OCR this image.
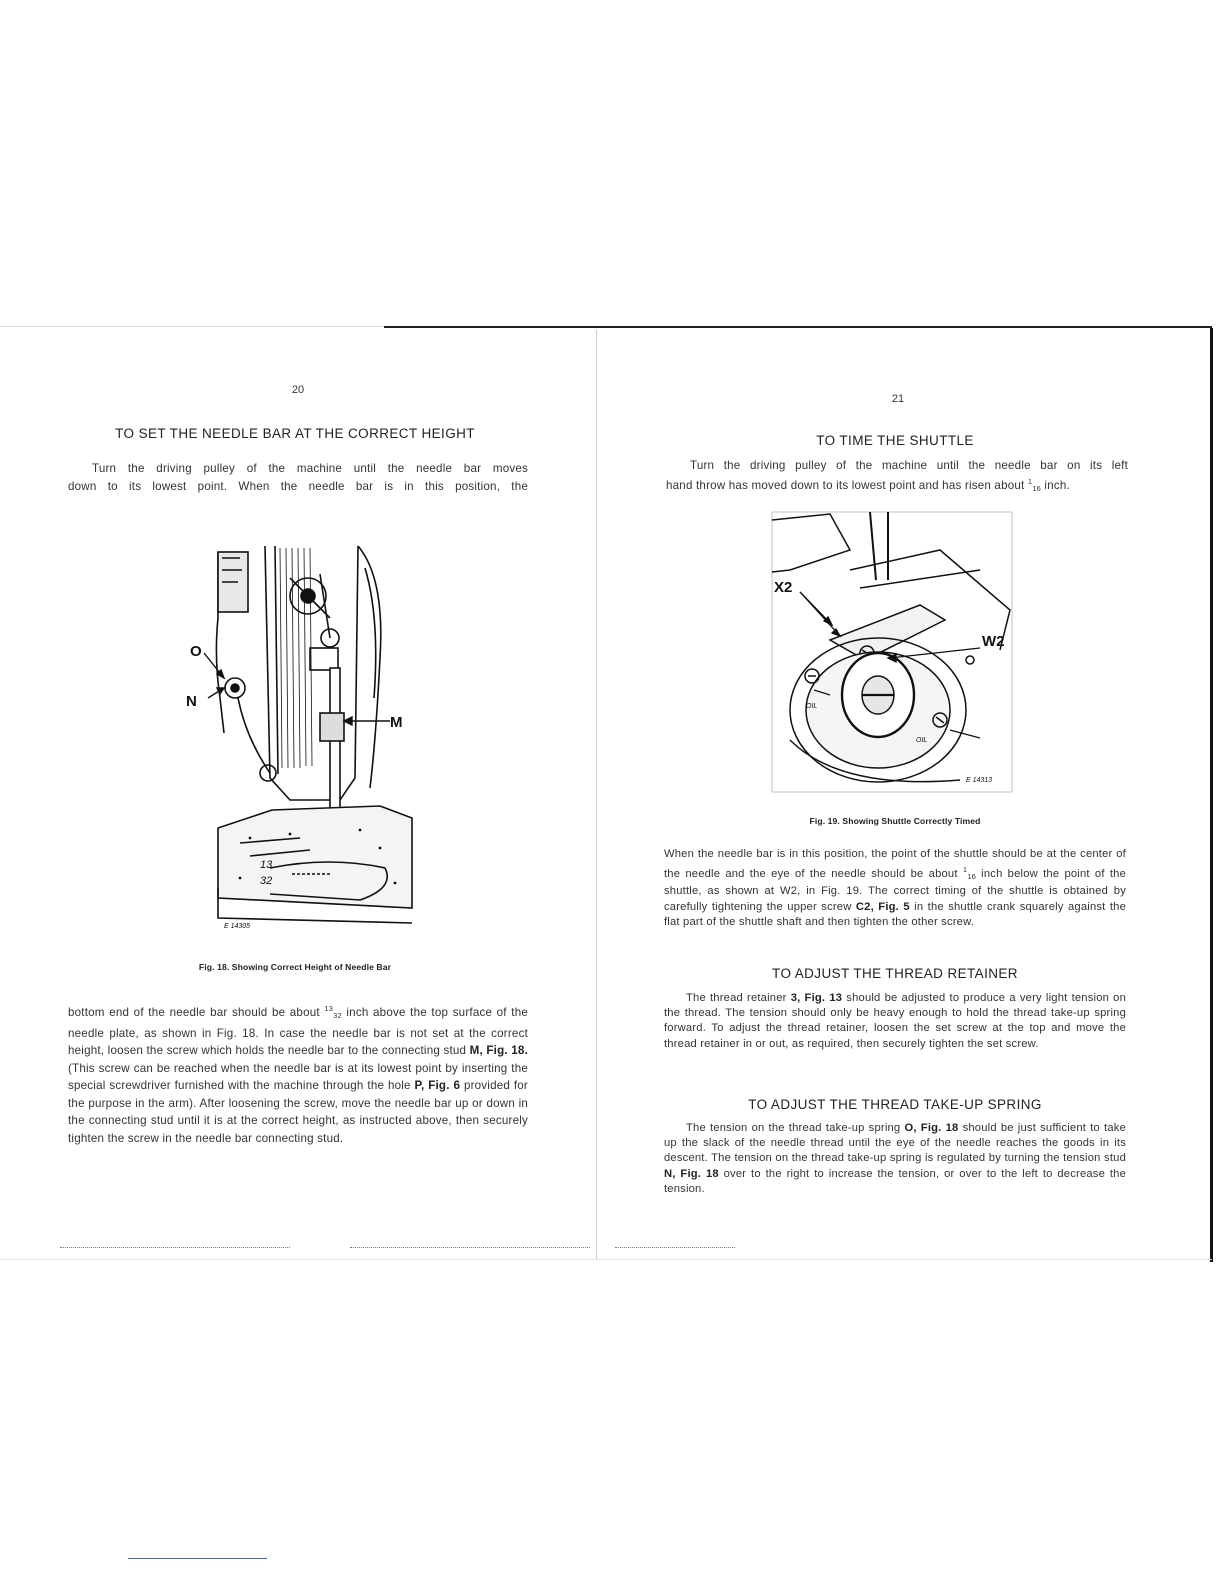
20
TO SET THE NEEDLE BAR AT THE CORRECT HEIGHT
Turn the driving pulley of the machine until the needle bar moves
down to its lowest point. When the needle bar is in this position, the
O
N
M
13
32
E 14305
Fig. 18. Showing Correct Height of Needle Bar
bottom end of the needle bar should be about $^{13}_{32}$ inch above the top surface of the needle plate, as shown in Fig. 18. In case the needle bar is not set at the correct height, loosen the screw which holds the needle bar to the connecting stud M, Fig. 18. (This screw can be reached when the needle bar is at its lowest point by inserting the special screwdriver furnished with the machine through the hole P, Fig. 6 provided for the purpose in the arm). After loosening the screw, move the needle bar up or down in the connecting stud until it is at the correct height, as instructed above, then securely tighten the screw in the needle bar connecting stud.
21
TO TIME THE SHUTTLE
Turn the driving pulley of the machine until the needle bar on its left
hand throw has moved down to its lowest point and has risen about $^1_{16}$ inch.
X2
W2
OIL
OIL
E 14313
Fig. 19. Showing Shuttle Correctly Timed
When the needle bar is in this position, the point of the shuttle should be at the center of the needle and the eye of the needle should be about $^1_{16}$ inch below the point of the shuttle, as shown at W2, in Fig. 19. The correct timing of the shuttle is obtained by carefully tightening the upper screw C2, Fig. 5 in the shuttle crank squarely against the flat part of the shuttle shaft and then tighten the other screw.
TO ADJUST THE THREAD RETAINER
The thread retainer 3, Fig. 13 should be adjusted to produce a very light tension on the thread. The tension should only be heavy enough to hold the thread take-up spring forward. To adjust the thread retainer, loosen the set screw at the top and move the thread retainer in or out, as required, then securely tighten the set screw.
TO ADJUST THE THREAD TAKE-UP SPRING
The tension on the thread take-up spring O, Fig. 18 should be just sufficient to take up the slack of the needle thread until the eye of the needle reaches the goods in its descent. The tension on the thread take-up spring is regulated by turning the tension stud N, Fig. 18 over to the right to increase the tension, or over to the left to decrease the tension.
